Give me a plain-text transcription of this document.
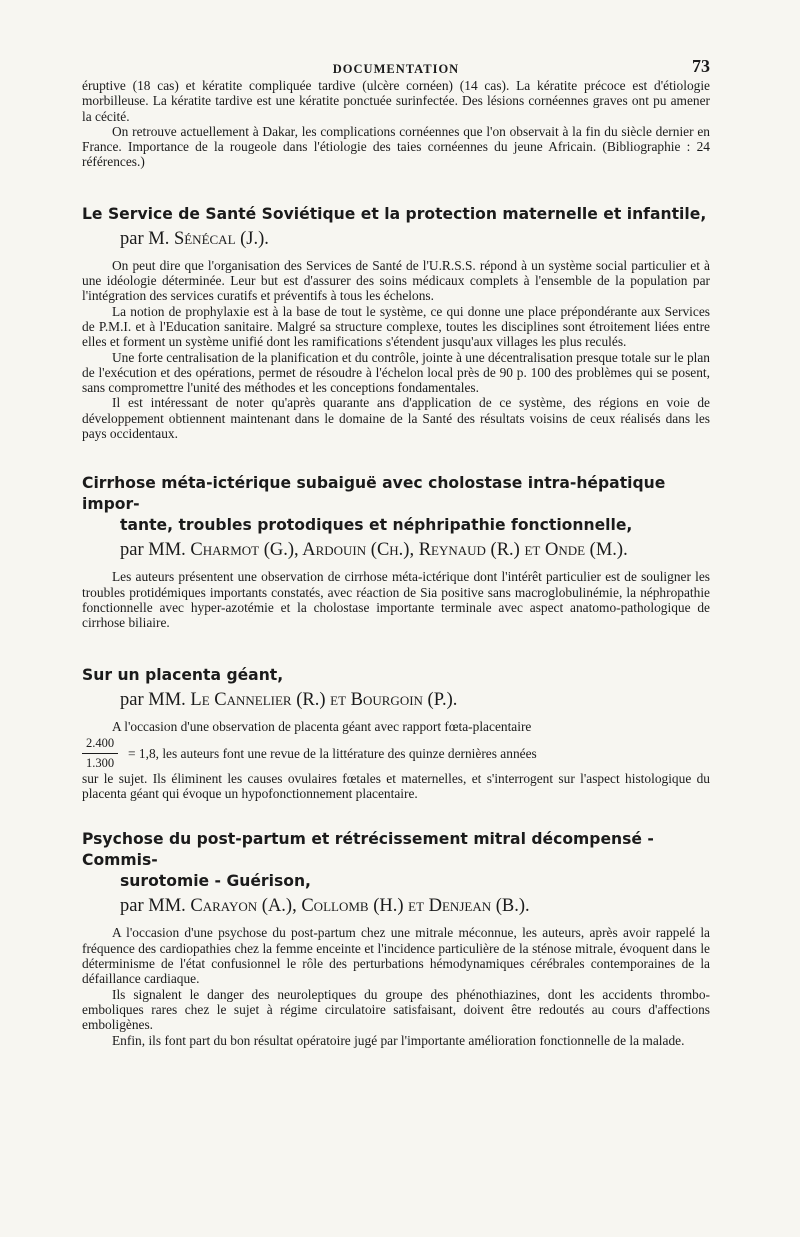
DOCUMENTATION	73

éruptive (18 cas) et kératite compliquée tardive (ulcère cornéen) (14 cas). La kératite précoce est d'étiologie morbilleuse. La kératite tardive est une kératite ponctuée surinfectée. Des lésions cornéennes graves ont pu amener la cécité.

On retrouve actuellement à Dakar, les complications cornéennes que l'on observait à la fin du siècle dernier en France. Importance de la rougeole dans l'étiologie des taies cornéennes du jeune Africain. (Bibliographie : 24 références.)

Le Service de Santé Soviétique et la protection maternelle et infantile,
par M. Sénécal (J.).

On peut dire que l'organisation des Services de Santé de l'U.R.S.S. répond à un système social particulier et à une idéologie déterminée. Leur but est d'assurer des soins médicaux complets à l'ensemble de la population par l'intégration des services curatifs et préventifs à tous les échelons.

La notion de prophylaxie est à la base de tout le système, ce qui donne une place prépondérante aux Services de P.M.I. et à l'Education sanitaire. Malgré sa structure complexe, toutes les disciplines sont étroitement liées entre elles et forment un système unifié dont les ramifications s'étendent jusqu'aux villages les plus reculés.

Une forte centralisation de la planification et du contrôle, jointe à une décentralisation presque totale sur le plan de l'exécution et des opérations, permet de résoudre à l'échelon local près de 90 p. 100 des problèmes qui se posent, sans compromettre l'unité des méthodes et les conceptions fondamentales.

Il est intéressant de noter qu'après quarante ans d'application de ce système, des régions en voie de développement obtiennent maintenant dans le domaine de la Santé des résultats voisins de ceux réalisés dans les pays occidentaux.

Cirrhose méta-ictérique subaiguë avec cholostase intra-hépatique impor-
tante, troubles protodiques et néphripathie fonctionnelle,
par MM. Charmot (G.), Ardouin (Ch.), Reynaud (R.) et Onde (M.).

Les auteurs présentent une observation de cirrhose méta-ictérique dont l'intérêt particulier est de souligner les troubles protidémiques importants constatés, avec réaction de Sia positive sans macroglobulinémie, la néphropathie fonctionnelle avec hyper-azotémie et la cholostase importante terminale avec aspect anatomo-pathologique de cirrhose biliaire.

Sur un placenta géant,
par MM. Le Cannelier (R.) et Bourgoin (P.).

A l'occasion d'une observation de placenta géant avec rapport fœta-placentaire

$\frac{2.400}{1.300} = 1,8$, les auteurs font une revue de la littérature des quinze dernières années

sur le sujet. Ils éliminent les causes ovulaires fœtales et maternelles, et s'interrogent sur l'aspect histologique du placenta géant qui évoque un hypofonctionnement placentaire.

Psychose du post-partum et rétrécissement mitral décompensé - Commis-
surotomie - Guérison,
par MM. Carayon (A.), Collomb (H.) et Denjean (B.).

A l'occasion d'une psychose du post-partum chez une mitrale méconnue, les auteurs, après avoir rappelé la fréquence des cardiopathies chez la femme enceinte et l'incidence particulière de la sténose mitrale, évoquent dans le déterminisme de l'état confusionnel le rôle des perturbations hémodynamiques cérébrales contemporaines de la défaillance cardiaque.

Ils signalent le danger des neuroleptiques du groupe des phénothiazines, dont les accidents thrombo-emboliques rares chez le sujet à régime circulatoire satisfaisant, doivent être redoutés au cours d'affections emboligènes.

Enfin, ils font part du bon résultat opératoire jugé par l'importante amélioration fonctionnelle de la malade.
